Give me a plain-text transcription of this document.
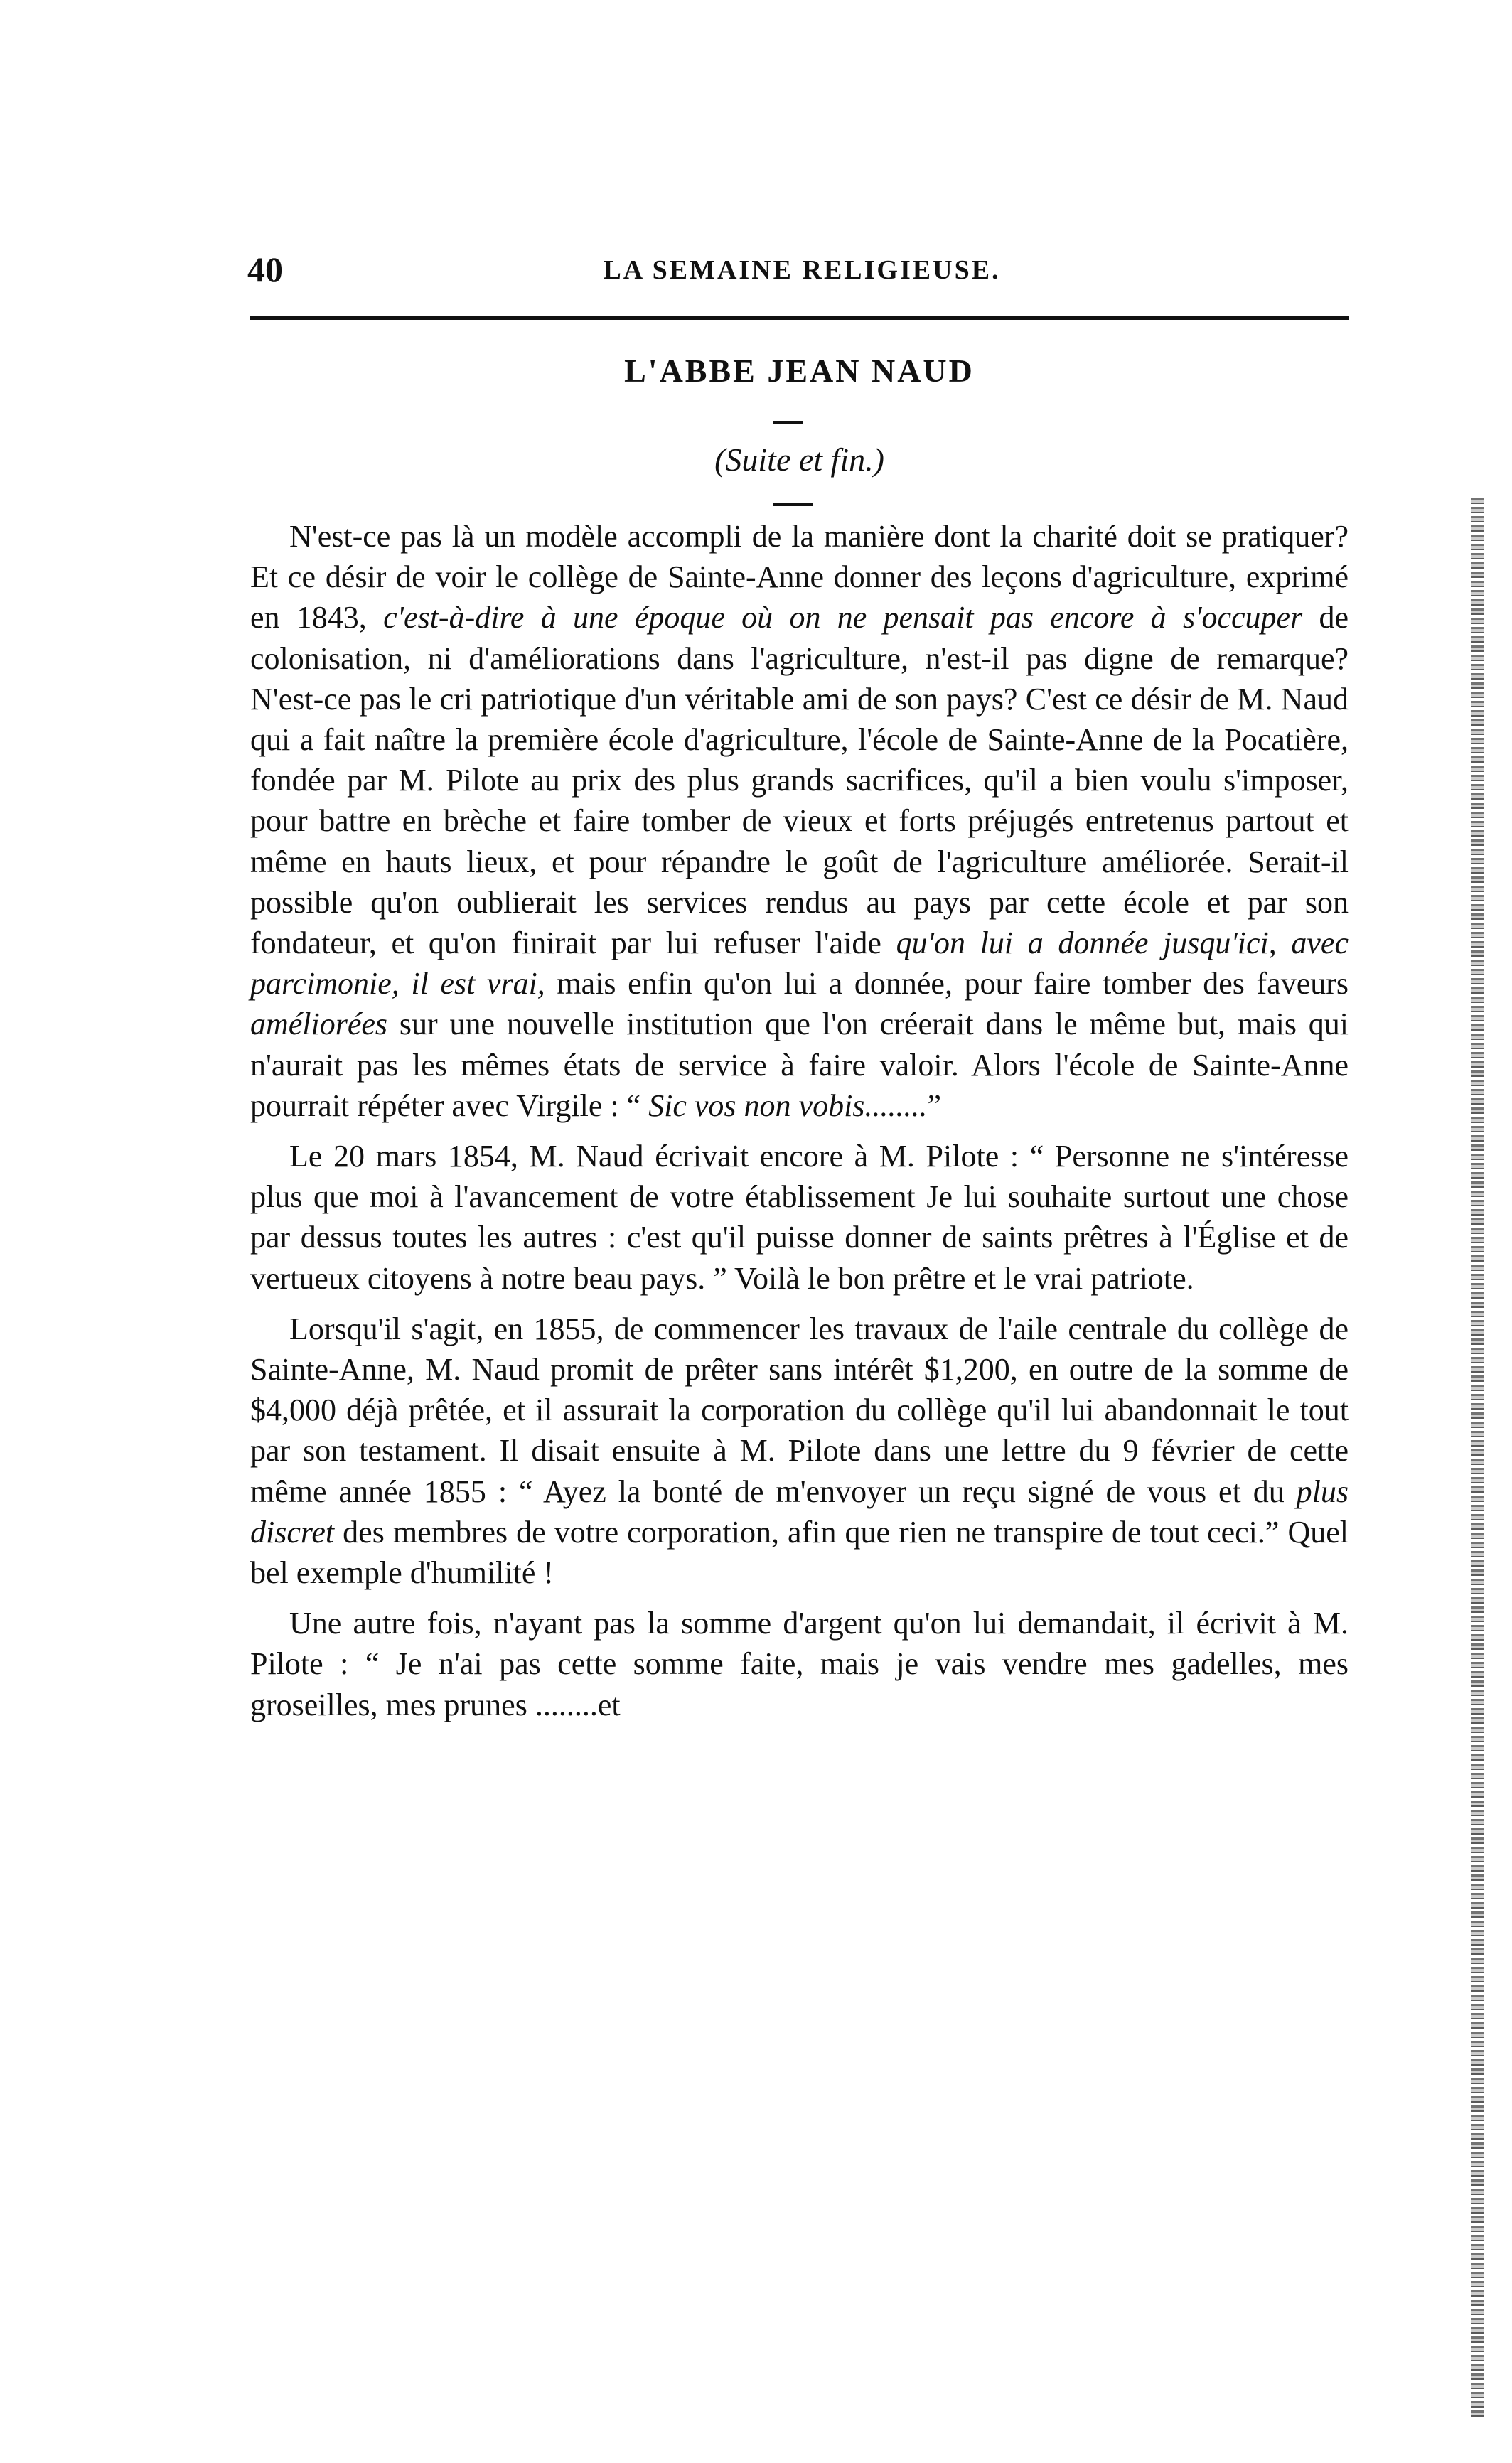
40	LA SEMAINE RELIGIEUSE.
L'ABBE JEAN NAUD
(Suite et fin.)

N'est-ce pas là un modèle accompli de la manière dont la charité doit se pratiquer? Et ce désir de voir le collège de Sainte-Anne donner des leçons d'agriculture, exprimé en 1843, c'est-à-dire à une époque où on ne pensait pas encore à s'occuper de colonisation, ni d'améliorations dans l'agriculture, n'est-il pas digne de remarque? N'est-ce pas le cri patriotique d'un véritable ami de son pays? C'est ce désir de M. Naud qui a fait naître la première école d'agriculture, l'école de Sainte-Anne de la Pocatière, fondée par M. Pilote au prix des plus grands sacrifices, qu'il a bien voulu s'imposer, pour battre en brèche et faire tomber de vieux et forts préjugés entretenus partout et même en hauts lieux, et pour répandre le goût de l'agriculture améliorée. Serait-il possible qu'on oublierait les services rendus au pays par cette école et par son fondateur, et qu'on finirait par lui refuser l'aide qu'on lui a donnée jusqu'ici, avec parcimonie, il est vrai, mais enfin qu'on lui a donnée, pour faire tomber des faveurs améliorées sur une nouvelle institution que l'on créerait dans le même but, mais qui n'aurait pas les mêmes états de service à faire valoir. Alors l'école de Sainte-Anne pourrait répéter avec Virgile : “ Sic vos non vobis........”

Le 20 mars 1854, M. Naud écrivait encore à M. Pilote : “ Personne ne s'intéresse plus que moi à l'avancement de votre établissement Je lui souhaite surtout une chose par dessus toutes les autres : c'est qu'il puisse donner de saints prêtres à l'Église et de vertueux citoyens à notre beau pays. ” Voilà le bon prêtre et le vrai patriote.

Lorsqu'il s'agit, en 1855, de commencer les travaux de l'aile centrale du collège de Sainte-Anne, M. Naud promit de prêter sans intérêt $1,200, en outre de la somme de $4,000 déjà prêtée, et il assurait la corporation du collège qu'il lui abandonnait le tout par son testament. Il disait ensuite à M. Pilote dans une lettre du 9 février de cette même année 1855 : “ Ayez la bonté de m'envoyer un reçu signé de vous et du plus discret des membres de votre corporation, afin que rien ne transpire de tout ceci.” Quel bel exemple d'humilité !

Une autre fois, n'ayant pas la somme d'argent qu'on lui demandait, il écrivit à M. Pilote : “ Je n'ai pas cette somme faite, mais je vais vendre mes gadelles, mes groseilles, mes prunes ........et
